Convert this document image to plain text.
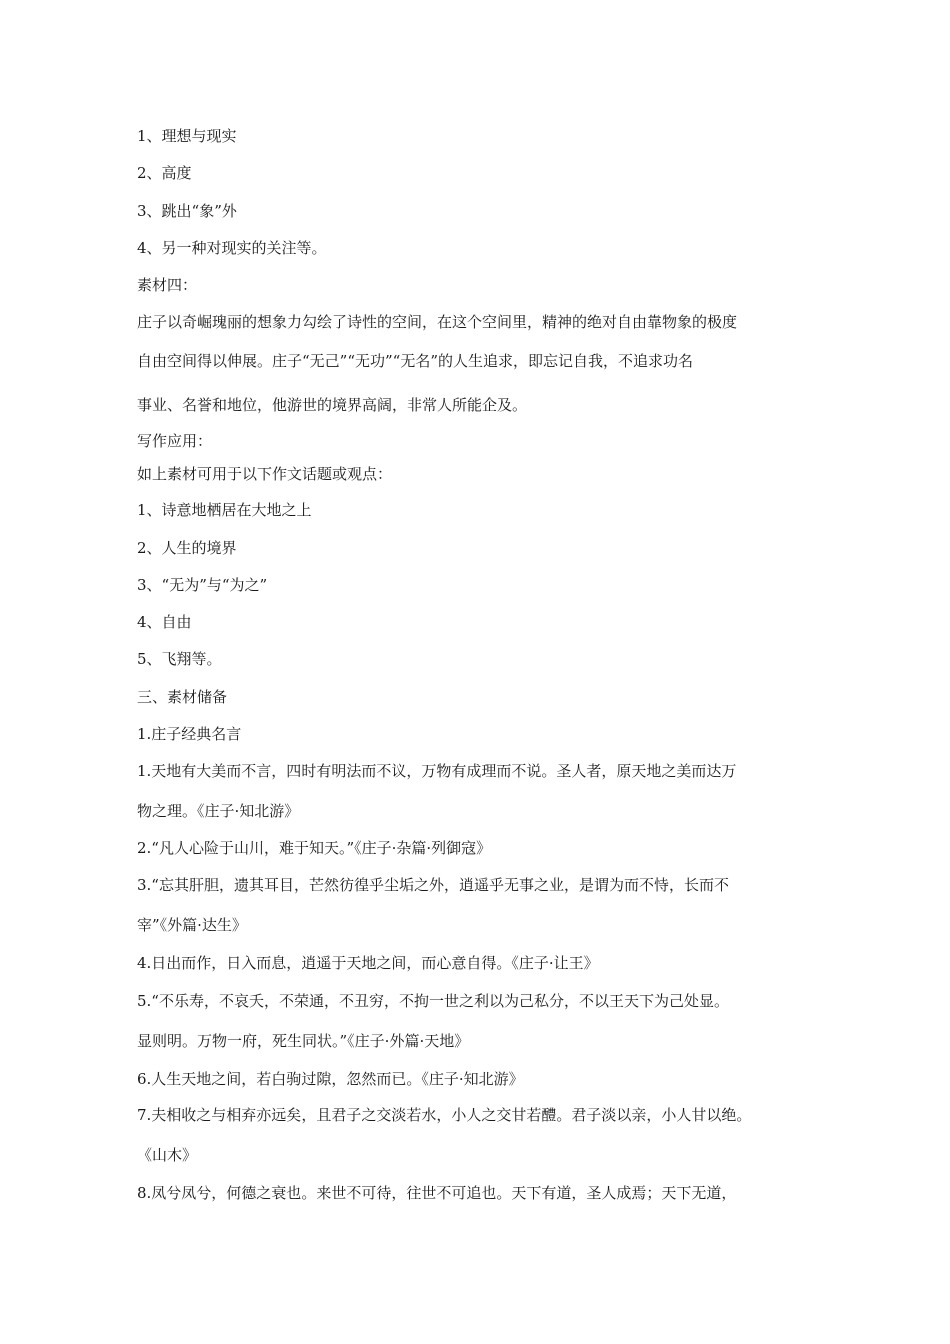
1、理想与现实
2、高度
3、跳出“象”外
4、另一种对现实的关注等。
素材四：
庄子以奇崛瑰丽的想象力勾绘了诗性的空间，在这个空间里，精神的绝对自由靠物象的极度
自由空间得以伸展。庄子“无己”“无功”“无名”的人生追求，即忘记自我，不追求功名
事业、名誉和地位，他游世的境界高阔，非常人所能企及。
写作应用：
如上素材可用于以下作文话题或观点：
1、诗意地栖居在大地之上
2、人生的境界
3、“无为”与“为之”
4、自由
5、飞翔等。
三、素材储备
1.庄子经典名言
1.天地有大美而不言，四时有明法而不议，万物有成理而不说。圣人者，原天地之美而达万
物之理。《庄子·知北游》
2.“凡人心险于山川，难于知天。”《庄子·杂篇·列御寇》
3.“忘其肝胆，遗其耳目，芒然彷徨乎尘垢之外，逍遥乎无事之业，是谓为而不恃，长而不
宰”《外篇·达生》
4.日出而作，日入而息，逍遥于天地之间，而心意自得。《庄子·让王》
5.“不乐寿，不哀夭，不荣通，不丑穷，不拘一世之利以为己私分，不以王天下为己处显。
显则明。万物一府，死生同状。”《庄子·外篇·天地》
6.人生天地之间，若白驹过隙，忽然而已。《庄子·知北游》
7.夫相收之与相弃亦远矣，且君子之交淡若水，小人之交甘若醴。君子淡以亲，小人甘以绝。
《山木》
8.凤兮凤兮，何德之衰也。来世不可待，往世不可追也。天下有道，圣人成焉；天下无道，
